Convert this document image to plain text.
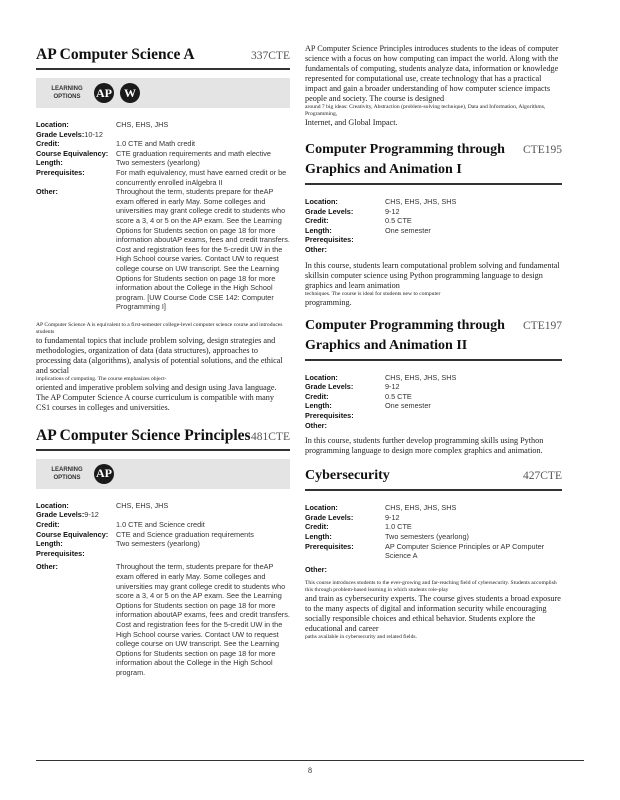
AP Computer Science A	337CTE
LEARNING OPTIONS	AP	W
Location:	CHS, EHS, JHS
Grade Levels: 10-12
Credit:	1.0 CTE and Math credit
Course Equivalency:	CTE graduation requirements and math elective
Length:	Two semesters (yearlong)
Prerequisites:	For math equivalency, must have earned credit or be concurrently enrolled inAlgebra II
Other:	Throughout the term, students prepare for theAP exam offered in early May. Some colleges and universities may grant college credit to students who score a 3, 4 or 5 on the AP exam. See the Learning Options for Students section on page 18 for more information aboutAP exams, fees and credit transfers.
Cost and registration fees for the 5-credit UW in the High School course varies. Contact UW to request college course on UW transcript. See the Learning Options for Students section on page 18 for more information about the College in the High School program. [UW Course Code CSE 142: Computer Programming I]
AP Computer Science A is equivalent to a first-semester college-level computer science course and introduces students
to fundamental topics that include problem solving, design strategies and methodologies, organization of data (data structures), approaches to processing data (algorithms), analysis of potential solutions, and the ethical and social
implications of computing. The course emphasizes object-
oriented and imperative problem solving and design using Java language. The AP Computer Science A course curriculum is compatible with many CS1 courses in colleges and universities.
AP Computer Science Principles 481CTE
LEARNING OPTIONS	AP
Location:	CHS, EHS, JHS
Grade Levels: 9-12
Credit:	1.0 CTE and Science credit
Course Equivalency:	CTE and Science graduation requirements
Length:	Two semesters (yearlong)
Prerequisites:
Other:	Throughout the term, students prepare for theAP exam offered in early May. Some colleges and universities may grant college credit to students who score a 3, 4 or 5 on the AP exam. See the Learning Options for Students section on page 18 for more information aboutAP exams, fees and credit transfers.
Cost and registration fees for the 5-credit UW in the High School course varies. Contact UW to request college course on UW transcript. See the Learning Options for Students section on page 18 for more information about the College in the High School program.
AP Computer Science Principles introduces students to the ideas of computer science with a focus on how computing can impact the world. Along with the fundamentals of computing, students analyze data, information or knowledge represented for computational use, create technology that has a practical impact and gain a broader understanding of how computer science impacts people and society. The course is designed
around 7 big ideas: Creativity, Abstraction (problem-solving technique), Data and Information, Algorithms, Programming,
Internet, and Global Impact.
Computer Programming through Graphics and Animation I
CTE195
Location:	CHS, EHS, JHS, SHS
Grade Levels:	9-12
Credit:	0.5 CTE
Length:	One semester
Prerequisites:
Other:
In this course, students learn computational problem solving and fundamental skillsin computer science using Python programming language to design graphics and learn animation
techniques. The course is ideal for students new to computer
programming.
Computer Programming through Graphics and Animation II
CTE197
Location:	CHS, EHS, JHS, SHS
Grade Levels:	9-12
Credit:	0.5 CTE
Length:	One semester
Prerequisites:
Other:
In this course, students further develop programming skills using Python programming language to design more complex graphics and animation.
Cybersecurity	427CTE
Location:	CHS, EHS, JHS, SHS
Grade Levels:	9-12
Credit:	1.0 CTE
Length:	Two semesters (yearlong)
Prerequisites:	AP Computer Science Principles or AP Computer Science A
Other:
This course introduces students to the ever-growing and far-reaching field of cybersecurity. Students accomplish this through problem-based learning in which students role-play
and train as cybersecurity experts. The course gives students a broad exposure to the many aspects of digital and information security while encouraging socially responsible choices and ethical behavior. Students explore the educational and career
paths available in cybersecurity and related fields.
8
